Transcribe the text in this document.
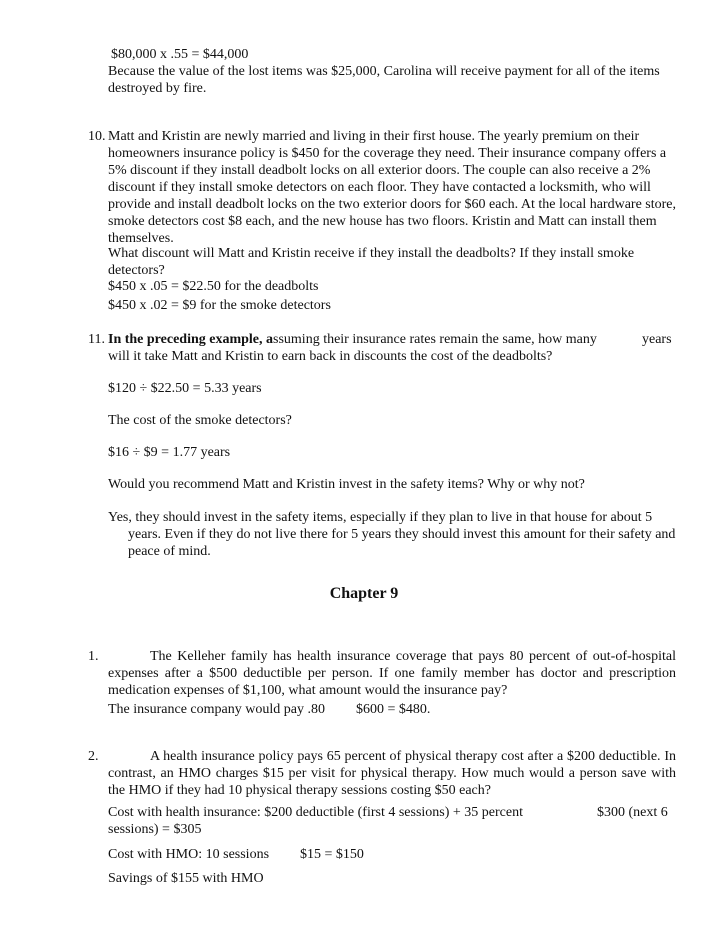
$80,000 x .55 = $44,000
Because the value of the lost items was $25,000, Carolina will receive payment for all of the items destroyed by fire.
10. Matt and Kristin are newly married and living in their first house. The yearly premium on their homeowners insurance policy is $450 for the coverage they need. Their insurance company offers a 5% discount if they install deadbolt locks on all exterior doors. The couple can also receive a 2% discount if they install smoke detectors on each floor. They have contacted a locksmith, who will provide and install deadbolt locks on the two exterior doors for $60 each. At the local hardware store, smoke detectors cost $8 each, and the new house has two floors. Kristin and Matt can install them themselves.
What discount will Matt and Kristin receive if they install the deadbolts? If they install smoke detectors?
$450 x .05 = $22.50 for the deadbolts
$450 x .02 = $9 for the smoke detectors
11. In the preceding example, assuming their insurance rates remain the same, how many	years
will it take Matt and Kristin to earn back in discounts the cost of the deadbolts?
$120 ÷ $22.50 = 5.33 years
The cost of the smoke detectors?
$16 ÷ $9 = 1.77 years
Would you recommend Matt and Kristin invest in the safety items? Why or why not?
Yes, they should invest in the safety items, especially if they plan to live in that house for about 5 years. Even if they do not live there for 5 years they should invest this amount for their safety and peace of mind.
Chapter 9
1.	The Kelleher family has health insurance coverage that pays 80 percent of out-of-hospital expenses after a $500 deductible per person. If one family member has doctor and prescription medication expenses of $1,100, what amount would the insurance pay?
The insurance company would pay .80	$600 = $480.
2.	A health insurance policy pays 65 percent of physical therapy cost after a $200 deductible. In contrast, an HMO charges $15 per visit for physical therapy. How much would a person save with the HMO if they had 10 physical therapy sessions costing $50 each?
Cost with health insurance: $200 deductible (first 4 sessions) + 35 percent	$300 (next 6
sessions) = $305
Cost with HMO: 10 sessions	$15 = $150
Savings of $155 with HMO
